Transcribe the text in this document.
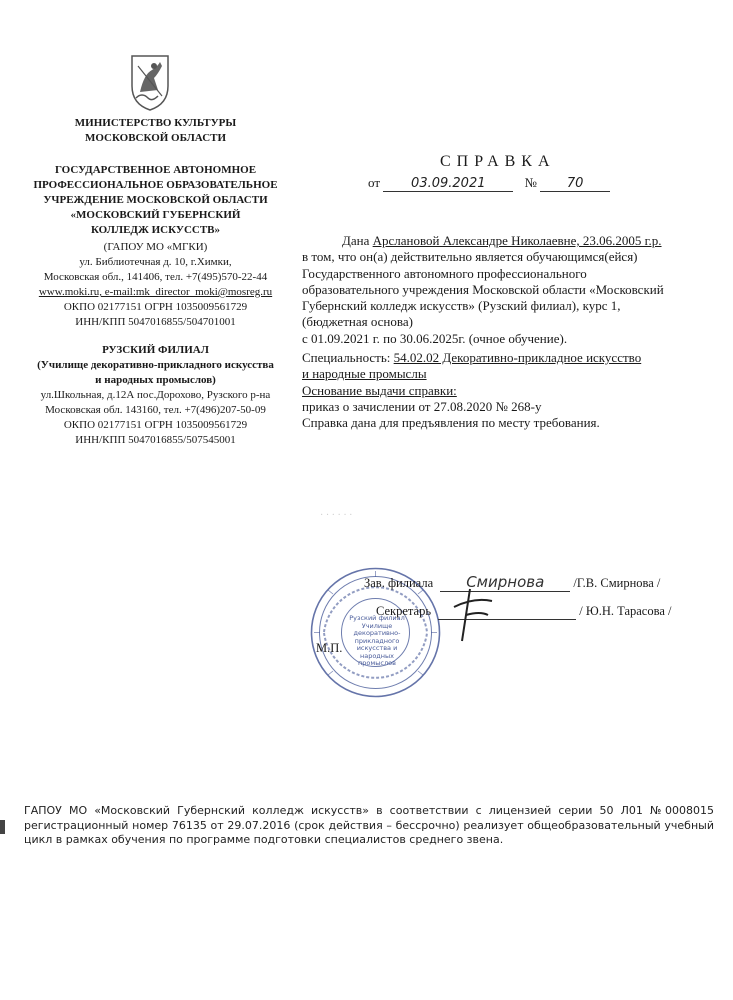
МИНИСТЕРСТВО КУЛЬТУРЫ
МОСКОВСКОЙ ОБЛАСТИ
ГОСУДАРСТВЕННОЕ АВТОНОМНОЕ
ПРОФЕССИОНАЛЬНОЕ ОБРАЗОВАТЕЛЬНОЕ
УЧРЕЖДЕНИЕ МОСКОВСКОЙ ОБЛАСТИ
«МОСКОВСКИЙ ГУБЕРНСКИЙ
КОЛЛЕДЖ ИСКУССТВ»
(ГАПОУ МО «МГКИ)
ул. Библиотечная д. 10, г.Химки,
Московская обл., 141406, тел. +7(495)570-22-44
www.moki.ru, e-mail:mk_director_moki@mosreg.ru
ОКПО 02177151 ОГРН 1035009561729
ИНН/КПП 5047016855/504701001
РУЗСКИЙ ФИЛИАЛ
(Училище декоративно-прикладного искусства
и народных промыслов)
ул.Школьная, д.12А пос.Дорохово, Рузского р-на
Московская обл. 143160, тел. +7(496)207-50-09
ОКПО 02177151 ОГРН 1035009561729
ИНН/КПП 5047016855/507545001
СПРАВКА
от 03.09.2021	№ 70
Дана Арслановой Александре Николаевне, 23.06.2005 г.р.
в том, что он(а) действительно является обучающимся(ейся)
Государственного автономного профессионального
образовательного учреждения Московской области «Московский
Губернский колледж искусств» (Рузский филиал), курс 1,
(бюджетная основа)
с 01.09.2021 г. по 30.06.2025г. (очное обучение).
Специальность: 54.02.02 Декоративно-прикладное искусство
и народные промыслы
Основание выдачи справки:
приказ о зачислении от 27.08.2020 № 268-у
Справка дана для предъявления по месту требования.
· · · · · ·
Рузский филиал
Училище
декоративно-прикладного
искусства и
народных промыслов
Зав. филиала Смирнова /Г.В. Смирнова /
Секретарь	/ Ю.Н. Тарасова /
М.П.
ГАПОУ МО «Московский Губернский колледж искусств» в соответствии с лицензией серии 50 Л01 №0008015 регистрационный номер 76135 от 29.07.2016 (срок действия – бессрочно) реализует общеобразовательный учебный цикл в рамках обучения по программе подготовки специалистов среднего звена.
